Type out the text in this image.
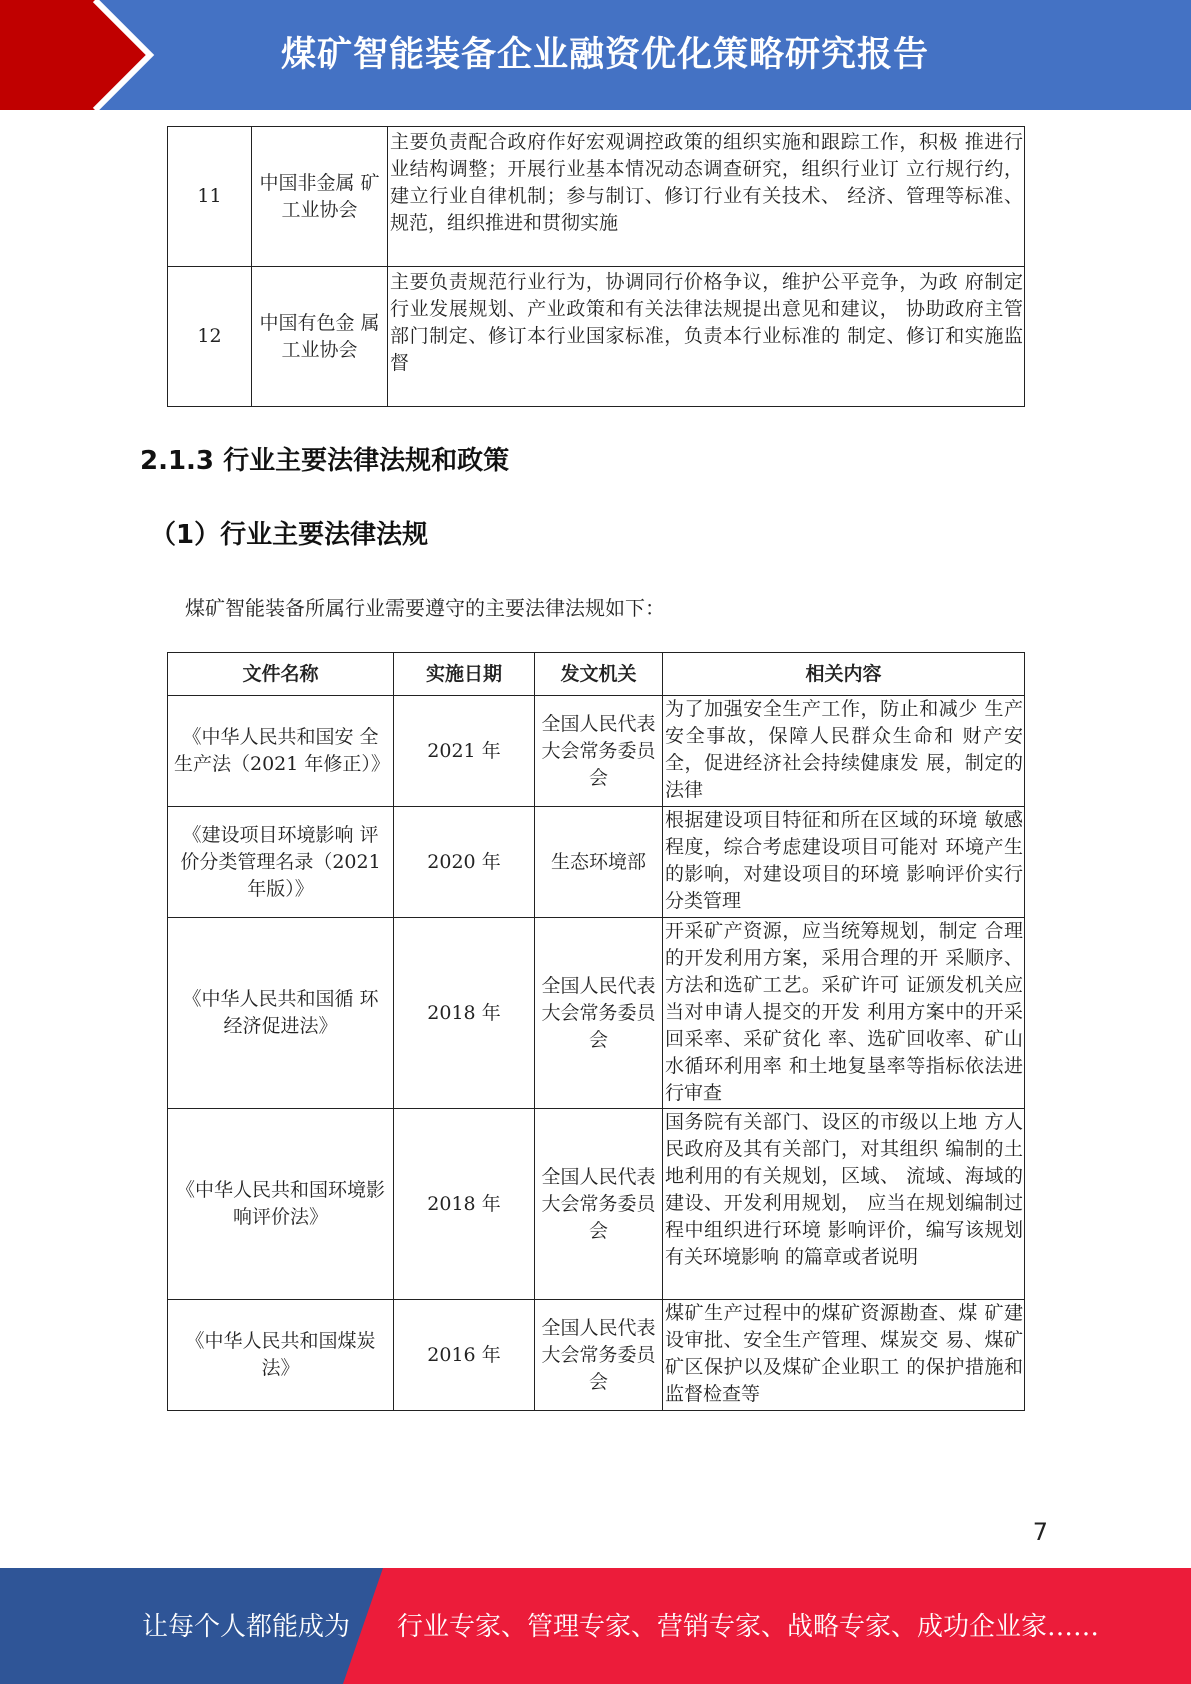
煤矿智能装备企业融资优化策略研究报告
11	中国非金属 矿工业协会	主要负责配合政府作好宏观调控政策的组织实施和跟踪工作，积极 推进行业结构调整；开展行业基本情况动态调查研究，组织行业订 立行规行约，建立行业自律机制；参与制订、修订行业有关技术、 经济、管理等标准、规范，组织推进和贯彻实施
12	中国有色金 属工业协会	主要负责规范行业行为，协调同行价格争议，维护公平竞争，为政 府制定行业发展规划、产业政策和有关法律法规提出意见和建议， 协助政府主管部门制定、修订本行业国家标准，负责本行业标准的 制定、修订和实施监督
2.1.3 行业主要法律法规和政策
（1）行业主要法律法规
煤矿智能装备所属行业需要遵守的主要法律法规如下：
文件名称	实施日期	发文机关	相关内容
《中华人民共和国安 全生产法（2021 年修正）》	2021 年	全国人民代表大会常务委员会	为了加强安全生产工作，防止和减少 生产安全事故，保障人民群众生命和 财产安全，促进经济社会持续健康发 展，制定的法律
《建设项目环境影响 评价分类管理名录（2021 年版）》	2020 年	生态环境部	根据建设项目特征和所在区域的环境 敏感程度，综合考虑建设项目可能对 环境产生的影响，对建设项目的环境 影响评价实行分类管理
《中华人民共和国循 环经济促进法》	2018 年	全国人民代表大会常务委员会	开采矿产资源，应当统筹规划，制定 合理的开发利用方案，采用合理的开 采顺序、方法和选矿工艺。采矿许可 证颁发机关应当对申请人提交的开发 利用方案中的开采回采率、采矿贫化 率、选矿回收率、矿山水循环利用率 和土地复垦率等指标依法进行审查
《中华人民共和国环境影响评价法》	2018 年	全国人民代表大会常务委员会	国务院有关部门、设区的市级以上地 方人民政府及其有关部门，对其组织 编制的土地利用的有关规划，区域、 流域、海域的建设、开发利用规划， 应当在规划编制过程中组织进行环境 影响评价，编写该规划有关环境影响 的篇章或者说明
《中华人民共和国煤炭法》	2016 年	全国人民代表大会常务委员会	煤矿生产过程中的煤矿资源勘查、煤 矿建设审批、安全生产管理、煤炭交 易、煤矿矿区保护以及煤矿企业职工 的保护措施和监督检查等
7
让每个人都能成为 行业专家、管理专家、营销专家、战略专家、成功企业家……
